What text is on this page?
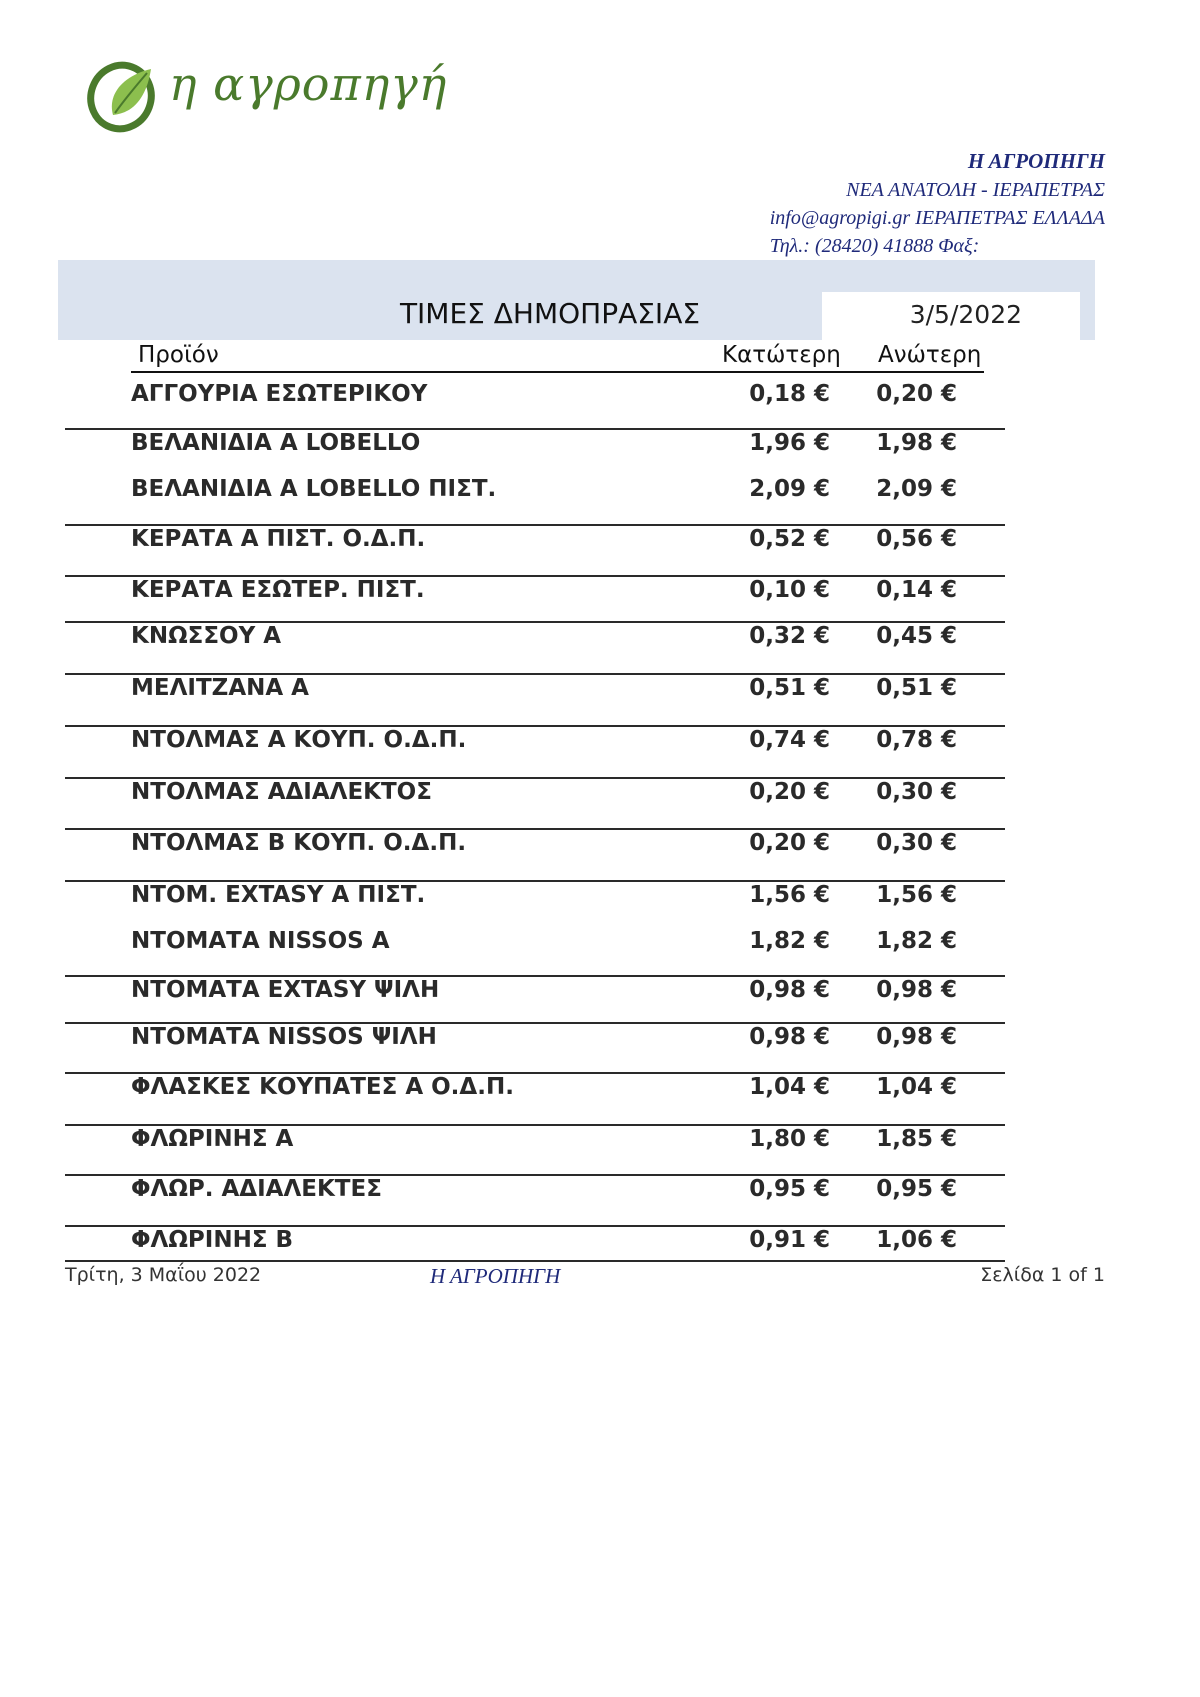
η αγροπηγή
Η ΑΓΡΟΠΗΓΗ
ΝΕΑ ΑΝΑΤΟΛΗ - ΙΕΡΑΠΕΤΡΑΣ
info@agropigi.gr ΙΕΡΑΠΕΤΡΑΣ ΕΛΛΑΔΑ
Τηλ.: (28420) 41888 Φαξ:
ΤΙΜΕΣ ΔΗΜΟΠΡΑΣΙΑΣ	3/5/2022
Προϊόν	Κατώτερη Ανώτερη
ΑΓΓΟΥΡΙΑ ΕΣΩΤΕΡΙΚΟΥ	0,18 €	0,20 €
ΒΕΛΑΝΙΔΙΑ Α LOBELLO	1,96 €	1,98 €
ΒΕΛΑΝΙΔΙΑ Α LOBELLO ΠΙΣΤ.	2,09 €	2,09 €
ΚΕΡΑΤΑ Α ΠΙΣΤ. Ο.Δ.Π.	0,52 €	0,56 €
ΚΕΡΑΤΑ ΕΣΩΤΕΡ. ΠΙΣΤ.	0,10 €	0,14 €
ΚΝΩΣΣΟΥ Α	0,32 €	0,45 €
ΜΕΛΙΤΖΑΝΑ Α	0,51 €	0,51 €
ΝΤΟΛΜΑΣ Α ΚΟΥΠ. Ο.Δ.Π.	0,74 €	0,78 €
ΝΤΟΛΜΑΣ ΑΔΙΑΛΕΚΤΟΣ	0,20 €	0,30 €
ΝΤΟΛΜΑΣ Β ΚΟΥΠ. Ο.Δ.Π.	0,20 €	0,30 €
ΝΤΟΜ. EXTASY Α ΠΙΣΤ.	1,56 €	1,56 €
ΝΤΟΜΑΤΑ NISSOS Α	1,82 €	1,82 €
ΝΤΟΜΑΤΑ EXTASY ΨΙΛΗ	0,98 €	0,98 €
ΝΤΟΜΑΤΑ NISSOS ΨΙΛΗ	0,98 €	0,98 €
ΦΛΑΣΚΕΣ ΚΟΥΠΑΤΕΣ Α Ο.Δ.Π.	1,04 €	1,04 €
ΦΛΩΡΙΝΗΣ Α	1,80 €	1,85 €
ΦΛΩΡ. ΑΔΙΑΛΕΚΤΕΣ	0,95 €	0,95 €
ΦΛΩΡΙΝΗΣ Β	0,91 €	1,06 €
Τρίτη, 3 Μαΐου 2022	Η ΑΓΡΟΠΗΓΗ	Σελίδα 1 of 1
